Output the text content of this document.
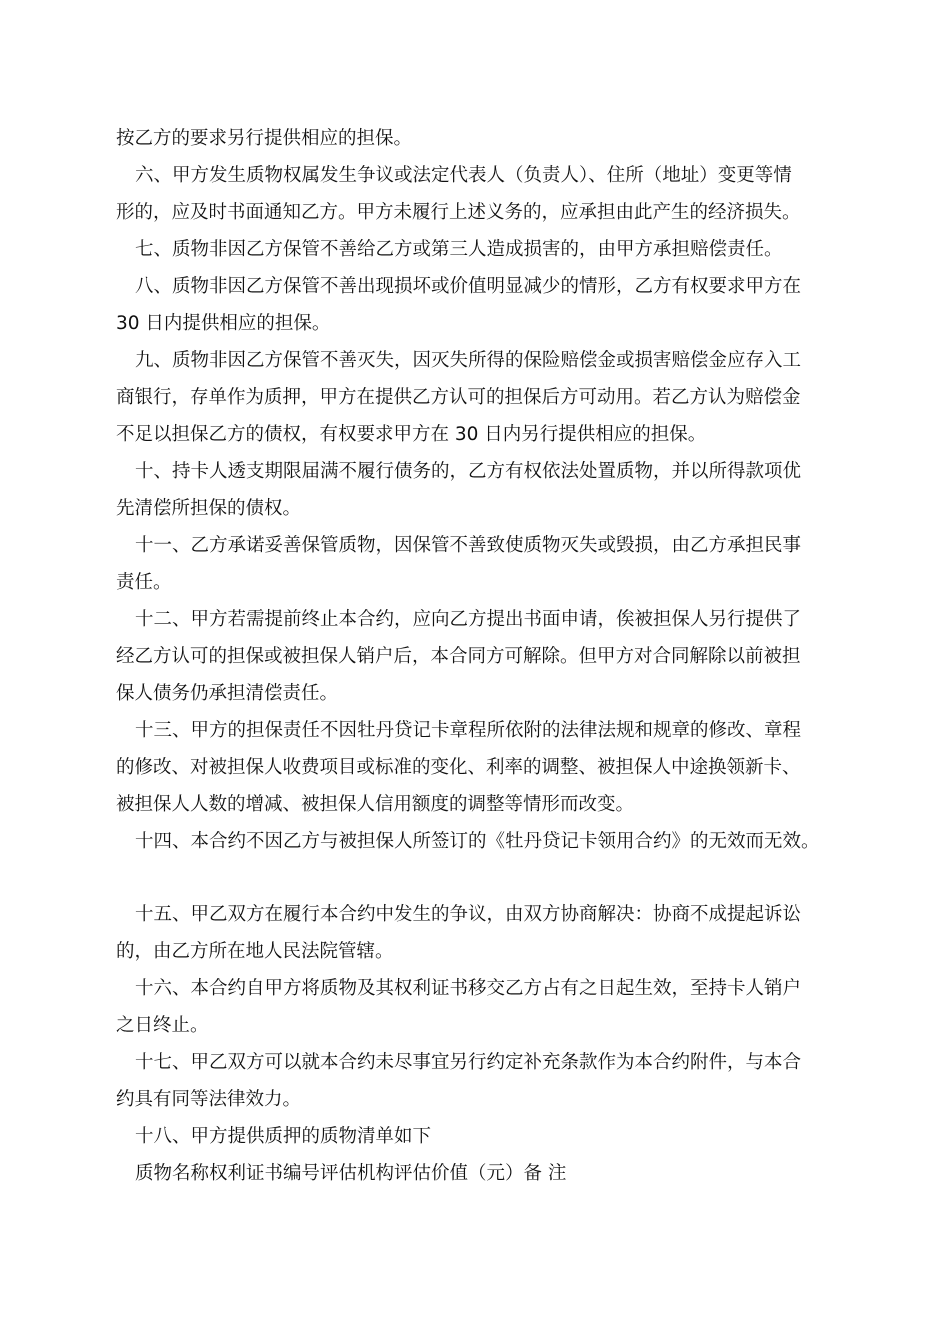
按乙方的要求另行提供相应的担保。

六、甲方发生质物权属发生争议或法定代表人（负责人）、住所（地址）变更等情

形的，应及时书面通知乙方。甲方未履行上述义务的，应承担由此产生的经济损失。

七、质物非因乙方保管不善给乙方或第三人造成损害的，由甲方承担赔偿责任。

八、质物非因乙方保管不善出现损坏或价值明显减少的情形，乙方有权要求甲方在

30 日内提供相应的担保。

九、质物非因乙方保管不善灭失，因灭失所得的保险赔偿金或损害赔偿金应存入工

商银行，存单作为质押，甲方在提供乙方认可的担保后方可动用。若乙方认为赔偿金

不足以担保乙方的债权，有权要求甲方在 30 日内另行提供相应的担保。

十、持卡人透支期限届满不履行债务的，乙方有权依法处置质物，并以所得款项优

先清偿所担保的债权。

十一、乙方承诺妥善保管质物，因保管不善致使质物灭失或毁损，由乙方承担民事

责任。

十二、甲方若需提前终止本合约，应向乙方提出书面申请，俟被担保人另行提供了

经乙方认可的担保或被担保人销户后，本合同方可解除。但甲方对合同解除以前被担

保人债务仍承担清偿责任。

十三、甲方的担保责任不因牡丹贷记卡章程所依附的法律法规和规章的修改、章程

的修改、对被担保人收费项目或标准的变化、利率的调整、被担保人中途换领新卡、

被担保人人数的增减、被担保人信用额度的调整等情形而改变。

十四、本合约不因乙方与被担保人所签订的《牡丹贷记卡领用合约》的无效而无效。

十五、甲乙双方在履行本合约中发生的争议，由双方协商解决：协商不成提起诉讼

的，由乙方所在地人民法院管辖。

十六、本合约自甲方将质物及其权利证书移交乙方占有之日起生效，至持卡人销户

之日终止。

十七、甲乙双方可以就本合约未尽事宜另行约定补充条款作为本合约附件，与本合

约具有同等法律效力。

十八、甲方提供质押的质物清单如下

质物名称权利证书编号评估机构评估价值（元）备 注
